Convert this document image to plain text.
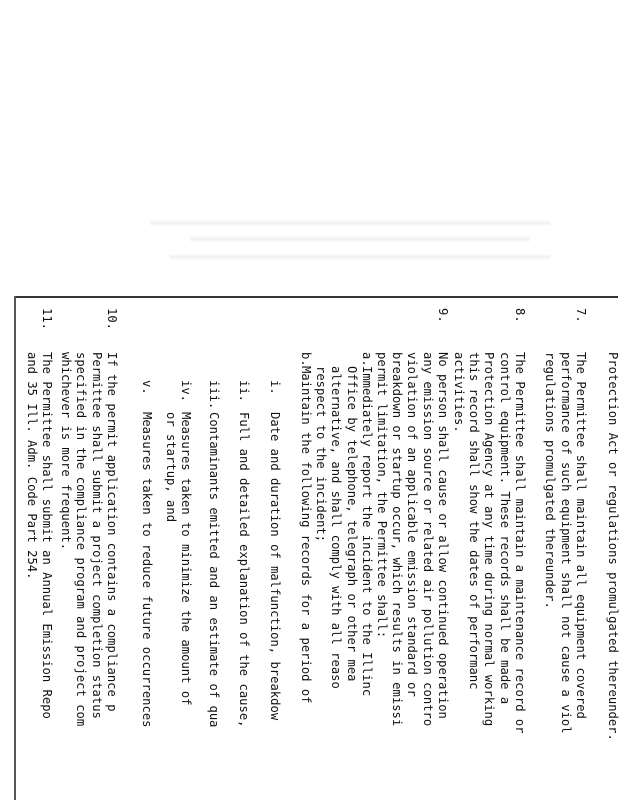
Protection Act or regulations promulgated thereunder.

7.

The Permittee shall maintain all equipment covered

performance of such equipment shall not cause a viol

regulations promulgated thereunder.

8.

The Permittee shall maintain a maintenance record or

control equipment. These records shall be made a

Protection Agency at any time during normal working

this record shall show the dates of performanc

activities.

9.

No person shall cause or allow continued operation

any emission source or related air pollution contro

violation of an applicable emission standard or

breakdown or startup occur, which results in emissi

permit limitation, the Permittee shall:

a.

Immediately report the incident to the Illinc

Office by telephone, telegraph or other mea

alternative, and shall comply with all reaso

respect to the incident;

b.

Maintain the following records for a period of

i.

Date and duration of malfunction, breakdow

ii.

Full and detailed explanation of the cause,

iii.

Contaminants emitted and an estimate of qua

iv.

Measures taken to minimize the amount of

or startup, and

v.

Measures taken to reduce future occurrences

10.

If the permit application contains a compliance p

Permittee shall submit a project completion status

specified in the compliance program and project com

whichever is more frequent.

11.

The Permittee shall submit an Annual Emission Repo

and 35 Ill. Adm. Code Part 254.
